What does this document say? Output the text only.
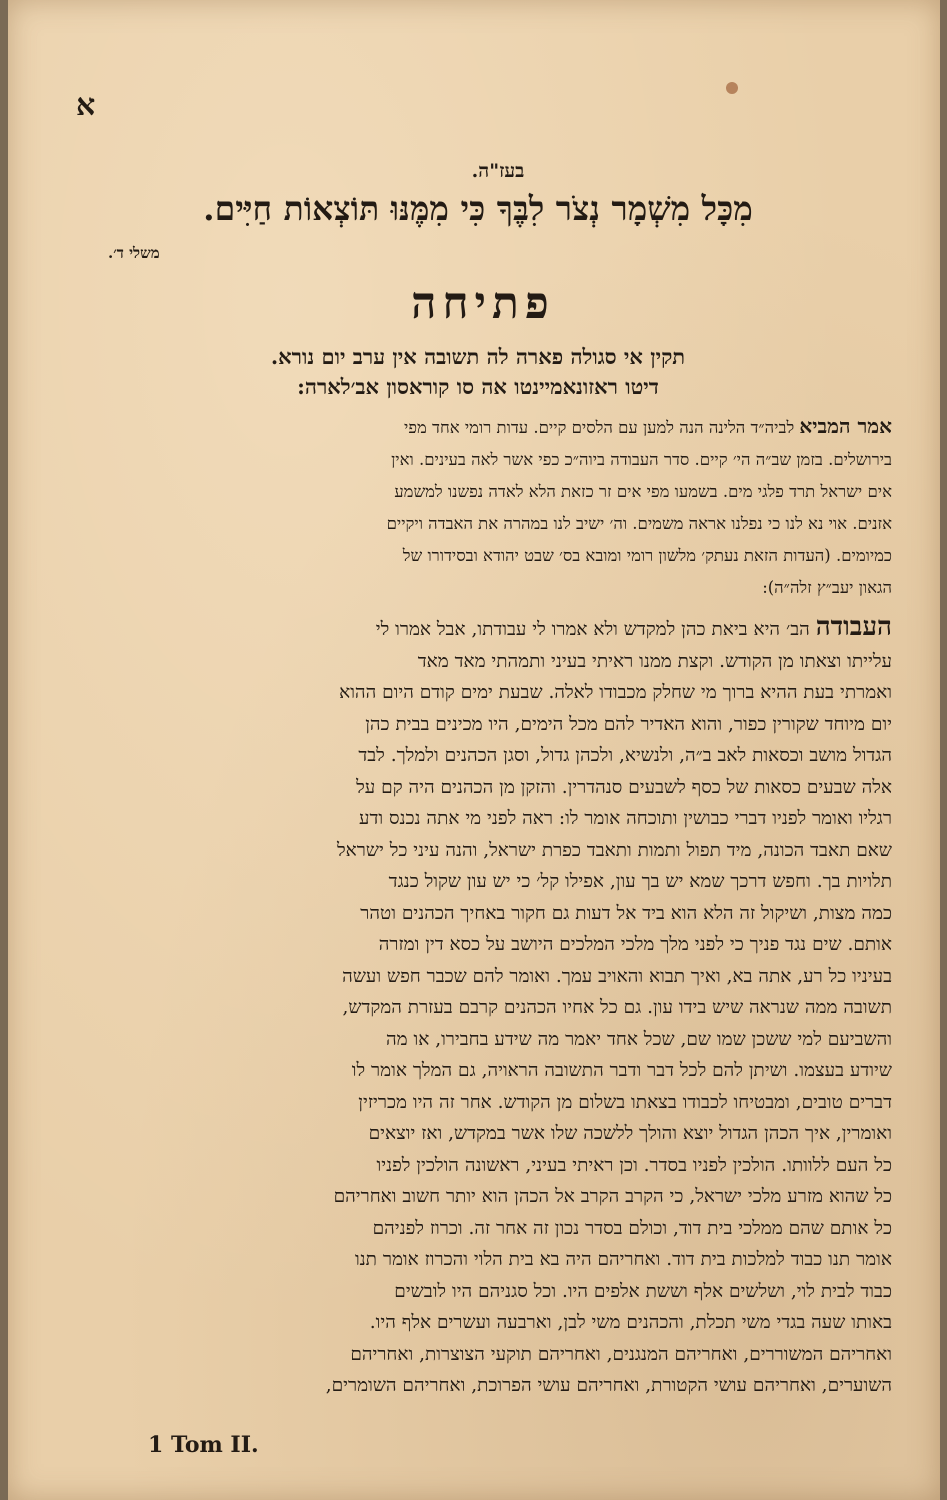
א
בעז"ה.
מִכָּל מִשְׁמָר נְצֹר לִבֶּךָ כִּי מִמֶּנּוּ תּוֹצְאוֹת חַיִּים.
משלי ד׳.
פתיחה
תקין אי סגולה פארה לה תשובה אין ערב יום נורא.
דיטו ראזונאמיינטו אה סו קוראסון אב׳לארה:
אמר המביא לביה״ד הלינה הנה למען עם הלסים קיים. עדות רומי אחד מפי
בירושלים. בזמן שב״ה הי׳ קיים. סדר העבודה ביוה״כ כפי אשר לאה בעינים. ואין
אים ישראל תרד פלגי מים. בשמעו מפי אים זר כזאת הלא לאדה נפשנו למשמע
אזנים. אוי נא לנו כי נפלנו אראה משמים. וה׳ ישיב לנו במהרה את האבדה ויקיים
כמיומים. (העדות הזאת נעתק׳ מלשון רומי ומובא בס׳ שבט יהודא ובסידורו של
הגאון יעב״ץ זלה״ה):
העבודה הב׳ היא ביאת כהן למקדש ולא אמרו לי עבודתו, אבל אמרו לי
עלייתו וצאתו מן הקודש. וקצת ממנו ראיתי בעיני ותמהתי מאד מאד
ואמרתי בעת ההיא ברוך מי שחלק מכבודו לאלה. שבעת ימים קודם היום ההוא
יום מיוחד שקורין כפור, והוא האדיר להם מכל הימים, היו מכינים בבית כהן
הגדול מושב וכסאות לאב ב״ה, ולנשיא, ולכהן גדול, וסגן הכהנים ולמלך. לבד
אלה שבעים כסאות של כסף לשבעים סנהדרין. והזקן מן הכהנים היה קם על
רגליו ואומר לפניו דברי כבושין ותוכחה אומר לו: ראה לפני מי אתה נכנס ודע
שאם תאבד הכונה, מיד תפול ותמות ותאבד כפרת ישראל, והנה עיני כל ישראל
תלויות בך. וחפש דרכך שמא יש בך עון, אפילו קל׳ כי יש עון שקול כנגד
כמה מצות, ושיקול זה הלא הוא ביד אל דעות גם חקור באחיך הכהנים וטהר
אותם. שים נגד פניך כי לפני מלך מלכי המלכים היושב על כסא דין ומזרה
בעיניו כל רע, אתה בא, ואיך תבוא והאויב עמך. ואומר להם שכבר חפש ועשה
תשובה ממה שנראה שיש בידו עון. גם כל אחיו הכהנים קרבם בעזרת המקדש,
והשביעם למי ששכן שמו שם, שכל אחד יאמר מה שידע בחבירו, או מה
שיודע בעצמו. ושיתן להם לכל דבר ודבר התשובה הראויה, גם המלך אומר לו
דברים טובים, ומבטיחו לכבודו בצאתו בשלום מן הקודש. אחר זה היו מכריזין
ואומרין, איך הכהן הגדול יוצא והולך ללשכה שלו אשר במקדש, ואז יוצאים
כל העם ללוותו. הולכין לפניו בסדר. וכן ראיתי בעיני, ראשונה הולכין לפניו
כל שהוא מזרע מלכי ישראל, כי הקרב הקרב אל הכהן הוא יותר חשוב ואחריהם
כל אותם שהם ממלכי בית דוד, וכולם בסדר נכון זה אחר זה. וכרוז לפניהם
אומר תנו כבוד למלכות בית דוד. ואחריהם היה בא בית הלוי והכרוז אומר תנו
כבוד לבית לוי, ושלשים אלף וששת אלפים היו. וכל סגניהם היו לובשים
באותו שעה בגדי משי תכלת, והכהנים משי לבן, וארבעה ועשרים אלף היו.
ואחריהם המשוררים, ואחריהם המנגנים, ואחריהם תוקעי הצוצרות, ואחריהם
השוערים, ואחריהם עושי הקטורת, ואחריהם עושי הפרוכת, ואחריהם השומרים,
1 Tom II.
